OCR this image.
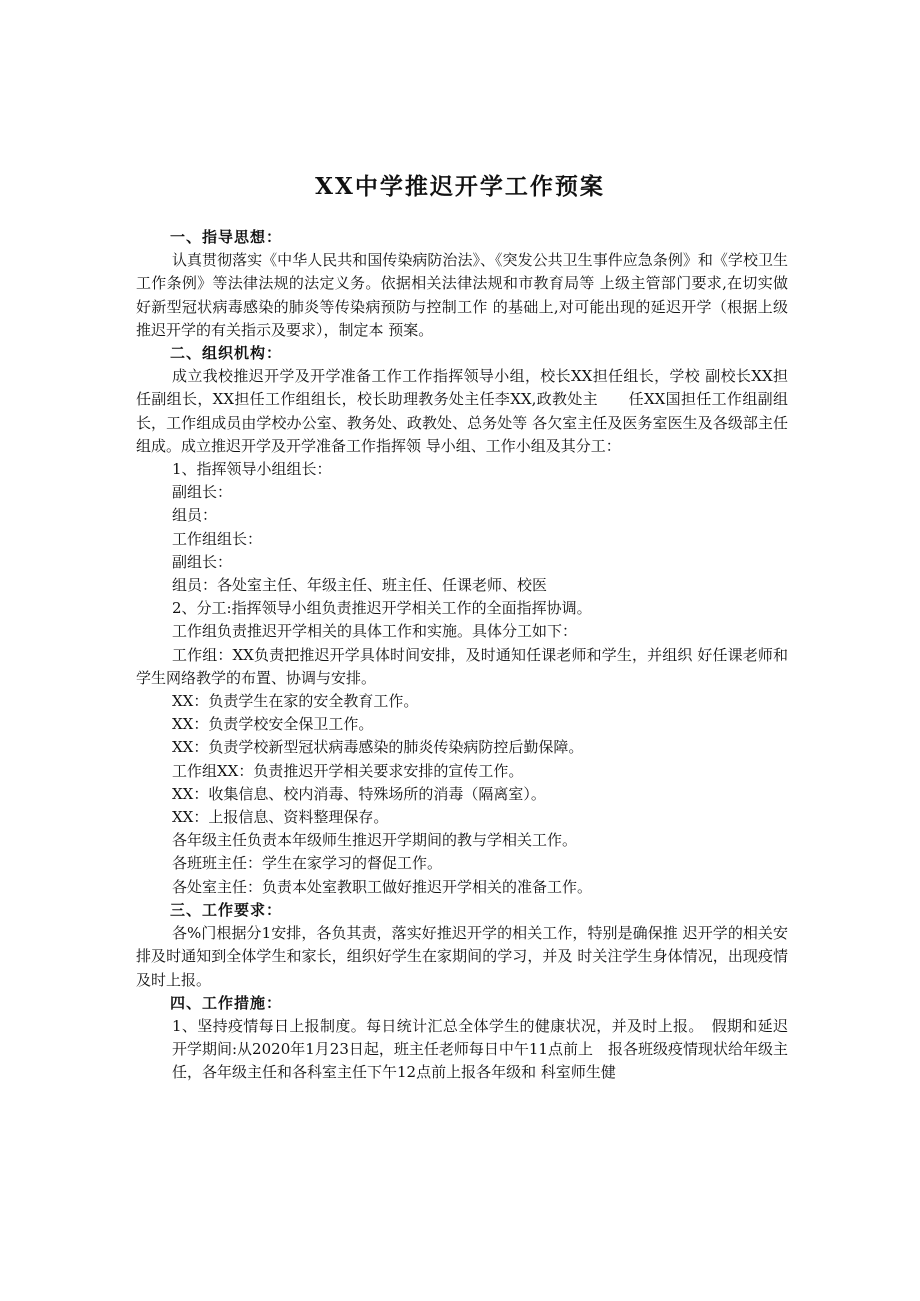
XX中学推迟开学工作预案

一、指导思想：

认真贯彻落实《中华人民共和国传染病防治法》、《突发公共卫生事件应急条例》和《学校卫生工作条例》等法律法规的法定义务。依据相关法律法规和市教育局等 上级主管部门要求,在切实做好新型冠状病毒感染的肺炎等传染病预防与控制工作 的基础上,对可能出现的延迟开学（根据上级推迟开学的有关指示及要求），制定本 预案。

二、组织机构：

成立我校推迟开学及开学准备工作工作指挥领导小组，校长XX担任组长，学校 副校长XX担任副组长，XX担任工作组组长，校长助理教务处主任李XX,政教处主　　任XX国担任工作组副组长，工作组成员由学校办公室、教务处、政教处、总务处等 各欠室主任及医务室医生及各级部主任组成。成立推迟开学及开学准备工作指挥领 导小组、工作小组及其分工：

1、指挥领导小组组长：

副组长：

组员：

工作组组长：

副组长：

组员：各处室主任、年级主任、班主任、任课老师、校医

2、分工:指挥领导小组负责推迟开学相关工作的全面指挥协调。

工作组负责推迟开学相关的具体工作和实施。具体分工如下：

工作组：XX负责把推迟开学具体时间安排，及时通知任课老师和学生，并组织 好任课老师和学生网络教学的布置、协调与安排。

XX：负责学生在家的安全教育工作。

XX：负责学校安全保卫工作。

XX：负责学校新型冠状病毒感染的肺炎传染病防控后勤保障。

工作组XX：负责推迟开学相关要求安排的宣传工作。

XX：收集信息、校内消毒、特殊场所的消毒（隔离室）。

XX：上报信息、资料整理保存。

各年级主任负责本年级师生推迟开学期间的教与学相关工作。

各班班主任：学生在家学习的督促工作。

各处室主任：负责本处室教职工做好推迟开学相关的准备工作。

三、工作要求：

各%门根据分1安排，各负其责，落实好推迟开学的相关工作，特别是确保推 迟开学的相关安排及时通知到全体学生和家长，组织好学生在家期间的学习，并及 时关注学生身体情况，出现疫情及时上报。

四、工作措施：

1、坚持疫情每日上报制度。每日统计汇总全体学生的健康状况，并及时上报。　假期和延迟开学期间:从2020年1月23日起，班主任老师每日中午11点前上　报各班级疫情现状给年级主任，各年级主任和各科室主任下午12点前上报各年级和 科室师生健
